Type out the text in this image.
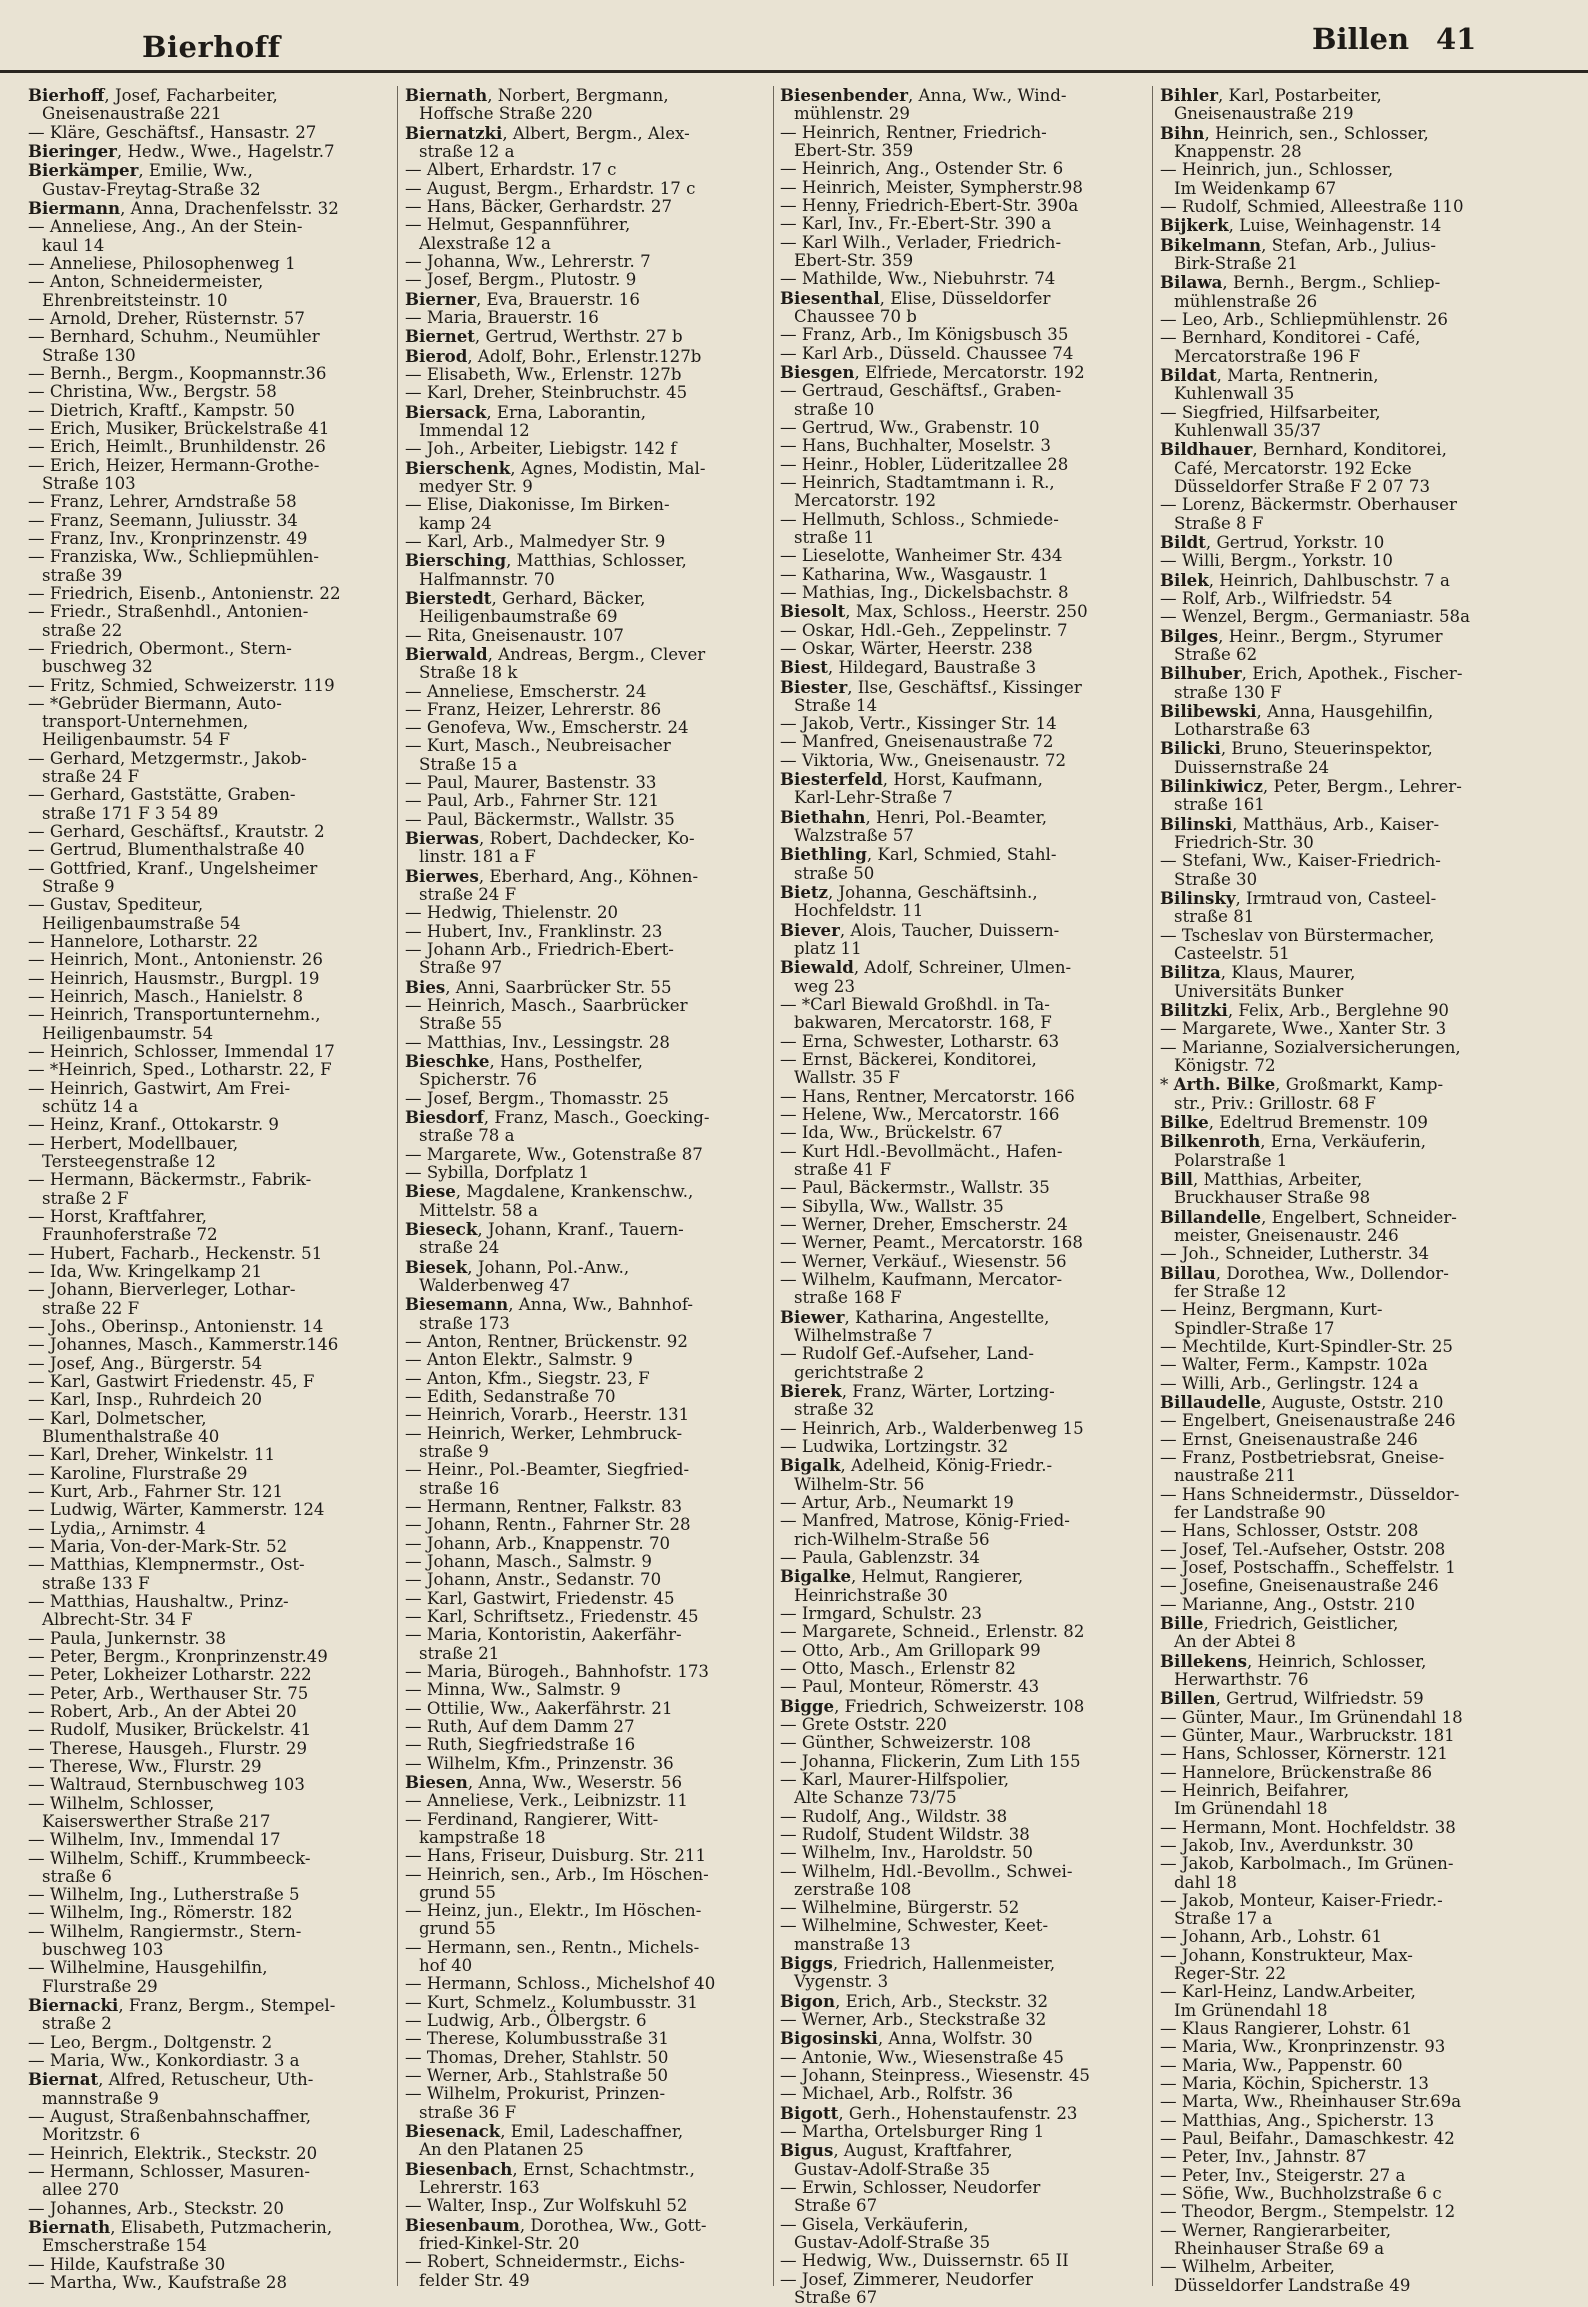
Bierhoff	Billen 41
Bierhoff, Josef, Facharbeiter,
Gneisenaustraße 221
— Kläre, Geschäftsf., Hansastr. 27
Bieringer, Hedw., Wwe., Hagelstr.7
Bierkämper, Emilie, Ww.,
Gustav-Freytag-Straße 32
Biermann, Anna, Drachenfelsstr. 32
— Anneliese, Ang., An der Stein-
kaul 14
— Anneliese, Philosophenweg 1
— Anton, Schneidermeister,
Ehrenbreitsteinstr. 10
— Arnold, Dreher, Rüsternstr. 57
— Bernhard, Schuhm., Neumühler
Straße 130
— Bernh., Bergm., Koopmannstr.36
— Christina, Ww., Bergstr. 58
— Dietrich, Kraftf., Kampstr. 50
— Erich, Musiker, Brückelstraße 41
— Erich, Heimlt., Brunhildenstr. 26
— Erich, Heizer, Hermann-Grothe-
Straße 103
— Franz, Lehrer, Arndstraße 58
— Franz, Seemann, Juliusstr. 34
— Franz, Inv., Kronprinzenstr. 49
— Franziska, Ww., Schliepmühlen-
straße 39
— Friedrich, Eisenb., Antonienstr. 22
— Friedr., Straßenhdl., Antonien-
straße 22
— Friedrich, Obermont., Stern-
buschweg 32
— Fritz, Schmied, Schweizerstr. 119
— *Gebrüder Biermann, Auto-
transport-Unternehmen,
Heiligenbaumstr. 54 F
— Gerhard, Metzgermstr., Jakob-
straße 24 F
— Gerhard, Gaststätte, Graben-
straße 171 F 3 54 89
— Gerhard, Geschäftsf., Krautstr. 2
— Gertrud, Blumenthalstraße 40
— Gottfried, Kranf., Ungelsheimer
Straße 9
— Gustav, Spediteur,
Heiligenbaumstraße 54
— Hannelore, Lotharstr. 22
— Heinrich, Mont., Antonienstr. 26
— Heinrich, Hausmstr., Burgpl. 19
— Heinrich, Masch., Hanielstr. 8
— Heinrich, Transportunternehm.,
Heiligenbaumstr. 54
— Heinrich, Schlosser, Immendal 17
— *Heinrich, Sped., Lotharstr. 22, F
— Heinrich, Gastwirt, Am Frei-
schütz 14 a
— Heinz, Kranf., Ottokarstr. 9
— Herbert, Modellbauer,
Tersteegenstraße 12
— Hermann, Bäckermstr., Fabrik-
straße 2 F
— Horst, Kraftfahrer,
Fraunhoferstraße 72
— Hubert, Facharb., Heckenstr. 51
— Ida, Ww. Kringelkamp 21
— Johann, Bierverleger, Lothar-
straße 22 F
— Johs., Oberinsp., Antonienstr. 14
— Johannes, Masch., Kammerstr.146
— Josef, Ang., Bürgerstr. 54
— Karl, Gastwirt Friedenstr. 45, F
— Karl, Insp., Ruhrdeich 20
— Karl, Dolmetscher,
Blumenthalstraße 40
— Karl, Dreher, Winkelstr. 11
— Karoline, Flurstraße 29
— Kurt, Arb., Fahrner Str. 121
— Ludwig, Wärter, Kammerstr. 124
— Lydia,, Arnimstr. 4
— Maria, Von-der-Mark-Str. 52
— Matthias, Klempnermstr., Ost-
straße 133 F
— Matthias, Haushaltw., Prinz-
Albrecht-Str. 34 F
— Paula, Junkernstr. 38
— Peter, Bergm., Kronprinzenstr.49
— Peter, Lokheizer Lotharstr. 222
— Peter, Arb., Werthauser Str. 75
— Robert, Arb., An der Abtei 20
— Rudolf, Musiker, Brückelstr. 41
— Therese, Hausgeh., Flurstr. 29
— Therese, Ww., Flurstr. 29
— Waltraud, Sternbuschweg 103
— Wilhelm, Schlosser,
Kaiserswerther Straße 217
— Wilhelm, Inv., Immendal 17
— Wilhelm, Schiff., Krummbeeck-
straße 6
— Wilhelm, Ing., Lutherstraße 5
— Wilhelm, Ing., Römerstr. 182
— Wilhelm, Rangiermstr., Stern-
buschweg 103
— Wilhelmine, Hausgehilfin,
Flurstraße 29
Biernacki, Franz, Bergm., Stempel-
straße 2
— Leo, Bergm., Doltgenstr. 2
— Maria, Ww., Konkordiastr. 3 a
Biernat, Alfred, Retuscheur, Uth-
mannstraße 9
— August, Straßenbahnschaffner,
Moritzstr. 6
— Heinrich, Elektrik., Steckstr. 20
— Hermann, Schlosser, Masuren-
allee 270
— Johannes, Arb., Steckstr. 20
Biernath, Elisabeth, Putzmacherin,
Emscherstraße 154
— Hilde, Kaufstraße 30
— Martha, Ww., Kaufstraße 28
Biernath, Norbert, Bergmann,
Hoffsche Straße 220
Biernatzki, Albert, Bergm., Alex-
straße 12 a
— Albert, Erhardstr. 17 c
— August, Bergm., Erhardstr. 17 c
— Hans, Bäcker, Gerhardstr. 27
— Helmut, Gespannführer,
Alexstraße 12 a
— Johanna, Ww., Lehrerstr. 7
— Josef, Bergm., Plutostr. 9
Bierner, Eva, Brauerstr. 16
— Maria, Brauerstr. 16
Biernet, Gertrud, Werthstr. 27 b
Bierod, Adolf, Bohr., Erlenstr.127b
— Elisabeth, Ww., Erlenstr. 127b
— Karl, Dreher, Steinbruchstr. 45
Biersack, Erna, Laborantin,
Immendal 12
— Joh., Arbeiter, Liebigstr. 142 f
Bierschenk, Agnes, Modistin, Mal-
medyer Str. 9
— Elise, Diakonisse, Im Birken-
kamp 24
— Karl, Arb., Malmedyer Str. 9
Biersching, Matthias, Schlosser,
Halfmannstr. 70
Bierstedt, Gerhard, Bäcker,
Heiligenbaumstraße 69
— Rita, Gneisenaustr. 107
Bierwald, Andreas, Bergm., Clever
Straße 18 k
— Anneliese, Emscherstr. 24
— Franz, Heizer, Lehrerstr. 86
— Genofeva, Ww., Emscherstr. 24
— Kurt, Masch., Neubreisacher
Straße 15 a
— Paul, Maurer, Bastenstr. 33
— Paul, Arb., Fahrner Str. 121
— Paul, Bäckermstr., Wallstr. 35
Bierwas, Robert, Dachdecker, Ko-
linstr. 181 a F
Bierwes, Eberhard, Ang., Köhnen-
straße 24 F
— Hedwig, Thielenstr. 20
— Hubert, Inv., Franklinstr. 23
— Johann Arb., Friedrich-Ebert-
Straße 97
Bies, Anni, Saarbrücker Str. 55
— Heinrich, Masch., Saarbrücker
Straße 55
— Matthias, Inv., Lessingstr. 28
Bieschke, Hans, Posthelfer,
Spicherstr. 76
— Josef, Bergm., Thomasstr. 25
Biesdorf, Franz, Masch., Goecking-
straße 78 a
— Margarete, Ww., Gotenstraße 87
— Sybilla, Dorfplatz 1
Biese, Magdalene, Krankenschw.,
Mittelstr. 58 a
Bieseck, Johann, Kranf., Tauern-
straße 24
Biesek, Johann, Pol.-Anw.,
Walderbenweg 47
Biesemann, Anna, Ww., Bahnhof-
straße 173
— Anton, Rentner, Brückenstr. 92
— Anton Elektr., Salmstr. 9
— Anton, Kfm., Siegstr. 23, F
— Edith, Sedanstraße 70
— Heinrich, Vorarb., Heerstr. 131
— Heinrich, Werker, Lehmbruck-
straße 9
— Heinr., Pol.-Beamter, Siegfried-
straße 16
— Hermann, Rentner, Falkstr. 83
— Johann, Rentn., Fahrner Str. 28
— Johann, Arb., Knappenstr. 70
— Johann, Masch., Salmstr. 9
— Johann, Anstr., Sedanstr. 70
— Karl, Gastwirt, Friedenstr. 45
— Karl, Schriftsetz., Friedenstr. 45
— Maria, Kontoristin, Aakerfähr-
straße 21
— Maria, Bürogeh., Bahnhofstr. 173
— Minna, Ww., Salmstr. 9
— Ottilie, Ww., Aakerfährstr. 21
— Ruth, Auf dem Damm 27
— Ruth, Siegfriedstraße 16
— Wilhelm, Kfm., Prinzenstr. 36
Biesen, Anna, Ww., Weserstr. 56
— Anneliese, Verk., Leibnizstr. 11
— Ferdinand, Rangierer, Witt-
kampstraße 18
— Hans, Friseur, Duisburg. Str. 211
— Heinrich, sen., Arb., Im Höschen-
grund 55
— Heinz, jun., Elektr., Im Höschen-
grund 55
— Hermann, sen., Rentn., Michels-
hof 40
— Hermann, Schloss., Michelshof 40
— Kurt, Schmelz., Kolumbusstr. 31
— Ludwig, Arb., Ölbergstr. 6
— Therese, Kolumbusstraße 31
— Thomas, Dreher, Stahlstr. 50
— Werner, Arb., Stahlstraße 50
— Wilhelm, Prokurist, Prinzen-
straße 36 F
Biesenack, Emil, Ladeschaffner,
An den Platanen 25
Biesenbach, Ernst, Schachtmstr.,
Lehrerstr. 163
— Walter, Insp., Zur Wolfskuhl 52
Biesenbaum, Dorothea, Ww., Gott-
fried-Kinkel-Str. 20
— Robert, Schneidermstr., Eichs-
felder Str. 49
Biesenbender, Anna, Ww., Wind-
mühlenstr. 29
— Heinrich, Rentner, Friedrich-
Ebert-Str. 359
— Heinrich, Ang., Ostender Str. 6
— Heinrich, Meister, Sympherstr.98
— Henny, Friedrich-Ebert-Str. 390a
— Karl, Inv., Fr.-Ebert-Str. 390 a
— Karl Wilh., Verlader, Friedrich-
Ebert-Str. 359
— Mathilde, Ww., Niebuhrstr. 74
Biesenthal, Elise, Düsseldorfer
Chaussee 70 b
— Franz, Arb., Im Königsbusch 35
— Karl Arb., Düsseld. Chaussee 74
Biesgen, Elfriede, Mercatorstr. 192
— Gertraud, Geschäftsf., Graben-
straße 10
— Gertrud, Ww., Grabenstr. 10
— Hans, Buchhalter, Moselstr. 3
— Heinr., Hobler, Lüderitzallee 28
— Heinrich, Stadtamtmann i. R.,
Mercatorstr. 192
— Hellmuth, Schloss., Schmiede-
straße 11
— Lieselotte, Wanheimer Str. 434
— Katharina, Ww., Wasgaustr. 1
— Mathias, Ing., Dickelsbachstr. 8
Biesolt, Max, Schloss., Heerstr. 250
— Oskar, Hdl.-Geh., Zeppelinstr. 7
— Oskar, Wärter, Heerstr. 238
Biest, Hildegard, Baustraße 3
Biester, Ilse, Geschäftsf., Kissinger
Straße 14
— Jakob, Vertr., Kissinger Str. 14
— Manfred, Gneisenaustraße 72
— Viktoria, Ww., Gneisenaustr. 72
Biesterfeld, Horst, Kaufmann,
Karl-Lehr-Straße 7
Biethahn, Henri, Pol.-Beamter,
Walzstraße 57
Biethling, Karl, Schmied, Stahl-
straße 50
Bietz, Johanna, Geschäftsinh.,
Hochfeldstr. 11
Biever, Alois, Taucher, Duissern-
platz 11
Biewald, Adolf, Schreiner, Ulmen-
weg 23
— *Carl Biewald Großhdl. in Ta-
bakwaren, Mercatorstr. 168, F
— Erna, Schwester, Lotharstr. 63
— Ernst, Bäckerei, Konditorei,
Wallstr. 35 F
— Hans, Rentner, Mercatorstr. 166
— Helene, Ww., Mercatorstr. 166
— Ida, Ww., Brückelstr. 67
— Kurt Hdl.-Bevollmächt., Hafen-
straße 41 F
— Paul, Bäckermstr., Wallstr. 35
— Sibylla, Ww., Wallstr. 35
— Werner, Dreher, Emscherstr. 24
— Werner, Peamt., Mercatorstr. 168
— Werner, Verkäuf., Wiesenstr. 56
— Wilhelm, Kaufmann, Mercator-
straße 168 F
Biewer, Katharina, Angestellte,
Wilhelmstraße 7
— Rudolf Gef.-Aufseher, Land-
gerichtstraße 2
Bierek, Franz, Wärter, Lortzing-
straße 32
— Heinrich, Arb., Walderbenweg 15
— Ludwika, Lortzingstr. 32
Bigalk, Adelheid, König-Friedr.-
Wilhelm-Str. 56
— Artur, Arb., Neumarkt 19
— Manfred, Matrose, König-Fried-
rich-Wilhelm-Straße 56
— Paula, Gablenzstr. 34
Bigalke, Helmut, Rangierer,
Heinrichstraße 30
— Irmgard, Schulstr. 23
— Margarete, Schneid., Erlenstr. 82
— Otto, Arb., Am Grillopark 99
— Otto, Masch., Erlenstr 82
— Paul, Monteur, Römerstr. 43
Bigge, Friedrich, Schweizerstr. 108
— Grete Oststr. 220
— Günther, Schweizerstr. 108
— Johanna, Flickerin, Zum Lith 155
— Karl, Maurer-Hilfspolier,
Alte Schanze 73/75
— Rudolf, Ang., Wildstr. 38
— Rudolf, Student Wildstr. 38
— Wilhelm, Inv., Haroldstr. 50
— Wilhelm, Hdl.-Bevollm., Schwei-
zerstraße 108
— Wilhelmine, Bürgerstr. 52
— Wilhelmine, Schwester, Keet-
manstraße 13
Biggs, Friedrich, Hallenmeister,
Vygenstr. 3
Bigon, Erich, Arb., Steckstr. 32
— Werner, Arb., Steckstraße 32
Bigosinski, Anna, Wolfstr. 30
— Antonie, Ww., Wiesenstraße 45
— Johann, Steinpress., Wiesenstr. 45
— Michael, Arb., Rolfstr. 36
Bigott, Gerh., Hohenstaufenstr. 23
— Martha, Ortelsburger Ring 1
Bigus, August, Kraftfahrer,
Gustav-Adolf-Straße 35
— Erwin, Schlosser, Neudorfer
Straße 67
— Gisela, Verkäuferin,
Gustav-Adolf-Straße 35
— Hedwig, Ww., Duissernstr. 65 II
— Josef, Zimmerer, Neudorfer
Straße 67
Bihler, Karl, Postarbeiter,
Gneisenaustraße 219
Bihn, Heinrich, sen., Schlosser,
Knappenstr. 28
— Heinrich, jun., Schlosser,
Im Weidenkamp 67
— Rudolf, Schmied, Alleestraße 110
Bijkerk, Luise, Weinhagenstr. 14
Bikelmann, Stefan, Arb., Julius-
Birk-Straße 21
Bilawa, Bernh., Bergm., Schliep-
mühlenstraße 26
— Leo, Arb., Schliepmühlenstr. 26
— Bernhard, Konditorei - Café,
Mercatorstraße 196 F
Bildat, Marta, Rentnerin,
Kuhlenwall 35
— Siegfried, Hilfsarbeiter,
Kuhlenwall 35/37
Bildhauer, Bernhard, Konditorei,
Café, Mercatorstr. 192 Ecke
Düsseldorfer Straße F 2 07 73
— Lorenz, Bäckermstr. Oberhauser
Straße 8 F
Bildt, Gertrud, Yorkstr. 10
— Willi, Bergm., Yorkstr. 10
Bilek, Heinrich, Dahlbuschstr. 7 a
— Rolf, Arb., Wilfriedstr. 54
— Wenzel, Bergm., Germaniastr. 58a
Bilges, Heinr., Bergm., Styrumer
Straße 62
Bilhuber, Erich, Apothek., Fischer-
straße 130 F
Bilibewski, Anna, Hausgehilfin,
Lotharstraße 63
Bilicki, Bruno, Steuerinspektor,
Duissernstraße 24
Bilinkiwicz, Peter, Bergm., Lehrer-
straße 161
Bilinski, Matthäus, Arb., Kaiser-
Friedrich-Str. 30
— Stefani, Ww., Kaiser-Friedrich-
Straße 30
Bilinsky, Irmtraud von, Casteel-
straße 81
— Tscheslav von Bürstermacher,
Casteelstr. 51
Bilitza, Klaus, Maurer,
Universitäts Bunker
Bilitzki, Felix, Arb., Berglehne 90
— Margarete, Wwe., Xanter Str. 3
— Marianne, Sozialversicherungen,
Königstr. 72
* Arth. Bilke, Großmarkt, Kamp-
str., Priv.: Grillostr. 68 F
Bilke, Edeltrud Bremenstr. 109
Bilkenroth, Erna, Verkäuferin,
Polarstraße 1
Bill, Matthias, Arbeiter,
Bruckhauser Straße 98
Billandelle, Engelbert, Schneider-
meister, Gneisenaustr. 246
— Joh., Schneider, Lutherstr. 34
Billau, Dorothea, Ww., Dollendor-
fer Straße 12
— Heinz, Bergmann, Kurt-
Spindler-Straße 17
— Mechtilde, Kurt-Spindler-Str. 25
— Walter, Ferm., Kampstr. 102a
— Willi, Arb., Gerlingstr. 124 a
Billaudelle, Auguste, Oststr. 210
— Engelbert, Gneisenaustraße 246
— Ernst, Gneisenaustraße 246
— Franz, Postbetriebsrat, Gneise-
naustraße 211
— Hans Schneidermstr., Düsseldor-
fer Landstraße 90
— Hans, Schlosser, Oststr. 208
— Josef, Tel.-Aufseher, Oststr. 208
— Josef, Postschaffn., Scheffelstr. 1
— Josefine, Gneisenaustraße 246
— Marianne, Ang., Oststr. 210
Bille, Friedrich, Geistlicher,
An der Abtei 8
Billekens, Heinrich, Schlosser,
Herwarthstr. 76
Billen, Gertrud, Wilfriedstr. 59
— Günter, Maur., Im Grünendahl 18
— Günter, Maur., Warbruckstr. 181
— Hans, Schlosser, Körnerstr. 121
— Hannelore, Brückenstraße 86
— Heinrich, Beifahrer,
Im Grünendahl 18
— Hermann, Mont. Hochfeldstr. 38
— Jakob, Inv., Averdunkstr. 30
— Jakob, Karbolmach., Im Grünen-
dahl 18
— Jakob, Monteur, Kaiser-Friedr.-
Straße 17 a
— Johann, Arb., Lohstr. 61
— Johann, Konstrukteur, Max-
Reger-Str. 22
— Karl-Heinz, Landw.Arbeiter,
Im Grünendahl 18
— Klaus Rangierer, Lohstr. 61
— Maria, Ww., Kronprinzenstr. 93
— Maria, Ww., Pappenstr. 60
— Maria, Köchin, Spicherstr. 13
— Marta, Ww., Rheinhauser Str.69a
— Matthias, Ang., Spicherstr. 13
— Paul, Beifahr., Damaschkestr. 42
— Peter, Inv., Jahnstr. 87
— Peter, Inv., Steigerstr. 27 a
— Söfie, Ww., Buchholzstraße 6 c
— Theodor, Bergm., Stempelstr. 12
— Werner, Rangierarbeiter,
Rheinhauser Straße 69 a
— Wilhelm, Arbeiter,
Düsseldorfer Landstraße 49
